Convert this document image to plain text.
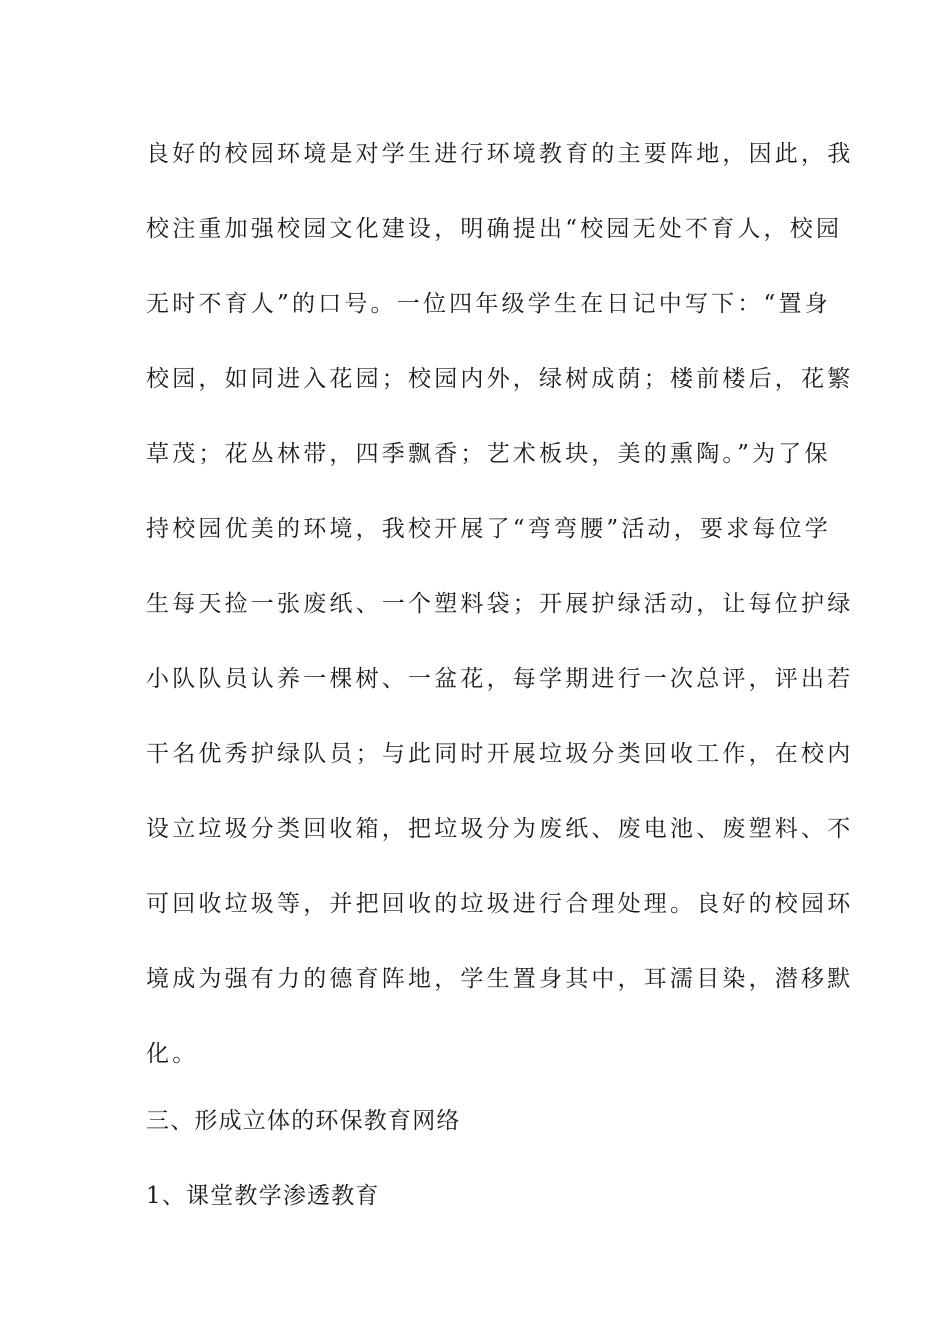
良好的校园环境是对学生进行环境教育的主要阵地，因此，我
校注重加强校园文化建设，明确提出“校园无处不育人，校园
无时不育人”的口号。一位四年级学生在日记中写下：“置身
校园，如同进入花园；校园内外，绿树成荫；楼前楼后，花繁
草茂；花丛林带，四季飘香；艺术板块，美的熏陶。”为了保
持校园优美的环境，我校开展了“弯弯腰”活动，要求每位学
生每天捡一张废纸、一个塑料袋；开展护绿活动，让每位护绿
小队队员认养一棵树、一盆花，每学期进行一次总评，评出若
干名优秀护绿队员；与此同时开展垃圾分类回收工作，在校内
设立垃圾分类回收箱，把垃圾分为废纸、废电池、废塑料、不
可回收垃圾等，并把回收的垃圾进行合理处理。良好的校园环
境成为强有力的德育阵地，学生置身其中，耳濡目染，潜移默
化。

三、形成立体的环保教育网络
1、课堂教学渗透教育
